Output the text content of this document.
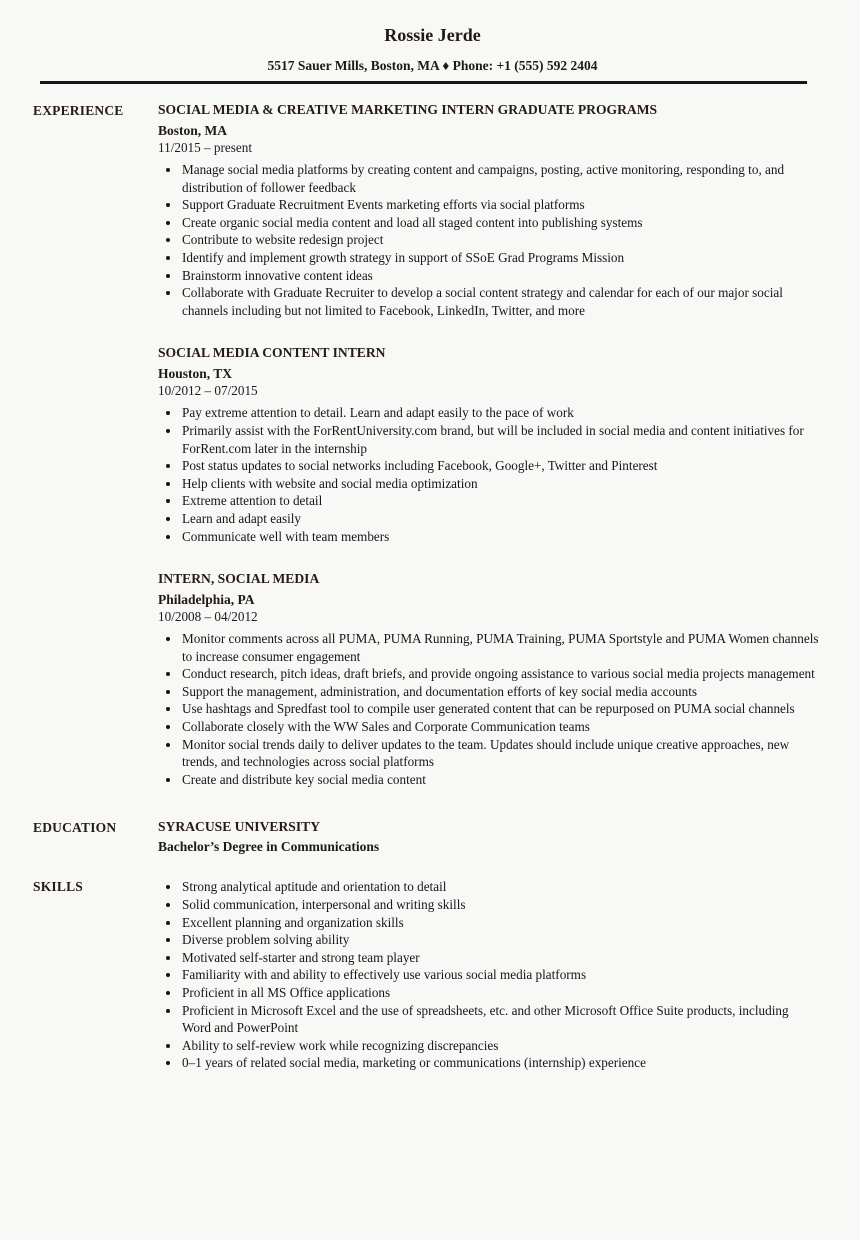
Rossie Jerde
5517 Sauer Mills, Boston, MA ♦ Phone: +1 (555) 592 2404
EXPERIENCE	SOCIAL MEDIA & CREATIVE MARKETING INTERN GRADUATE PROGRAMS
Boston, MA
11/2015 – present
• Manage social media platforms by creating content and campaigns, posting, active monitoring, responding to, and distribution of follower feedback
• Support Graduate Recruitment Events marketing efforts via social platforms
• Create organic social media content and load all staged content into publishing systems
• Contribute to website redesign project
• Identify and implement growth strategy in support of SSoE Grad Programs Mission
• Brainstorm innovative content ideas
• Collaborate with Graduate Recruiter to develop a social content strategy and calendar for each of our major social channels including but not limited to Facebook, LinkedIn, Twitter, and more
SOCIAL MEDIA CONTENT INTERN
Houston, TX
10/2012 – 07/2015
• Pay extreme attention to detail. Learn and adapt easily to the pace of work
• Primarily assist with the ForRentUniversity.com brand, but will be included in social media and content initiatives for ForRent.com later in the internship
• Post status updates to social networks including Facebook, Google+, Twitter and Pinterest
• Help clients with website and social media optimization
• Extreme attention to detail
• Learn and adapt easily
• Communicate well with team members
INTERN, SOCIAL MEDIA
Philadelphia, PA
10/2008 – 04/2012
• Monitor comments across all PUMA, PUMA Running, PUMA Training, PUMA Sportstyle and PUMA Women channels to increase consumer engagement
• Conduct research, pitch ideas, draft briefs, and provide ongoing assistance to various social media projects management
• Support the management, administration, and documentation efforts of key social media accounts
• Use hashtags and Spredfast tool to compile user generated content that can be repurposed on PUMA social channels
• Collaborate closely with the WW Sales and Corporate Communication teams
• Monitor social trends daily to deliver updates to the team. Updates should include unique creative approaches, new trends, and technologies across social platforms
• Create and distribute key social media content
EDUCATION	SYRACUSE UNIVERSITY
Bachelor’s Degree in Communications
SKILLS	• Strong analytical aptitude and orientation to detail
• Solid communication, interpersonal and writing skills
• Excellent planning and organization skills
• Diverse problem solving ability
• Motivated self-starter and strong team player
• Familiarity with and ability to effectively use various social media platforms
• Proficient in all MS Office applications
• Proficient in Microsoft Excel and the use of spreadsheets, etc. and other Microsoft Office Suite products, including Word and PowerPoint
• Ability to self-review work while recognizing discrepancies
• 0–1 years of related social media, marketing or communications (internship) experience
